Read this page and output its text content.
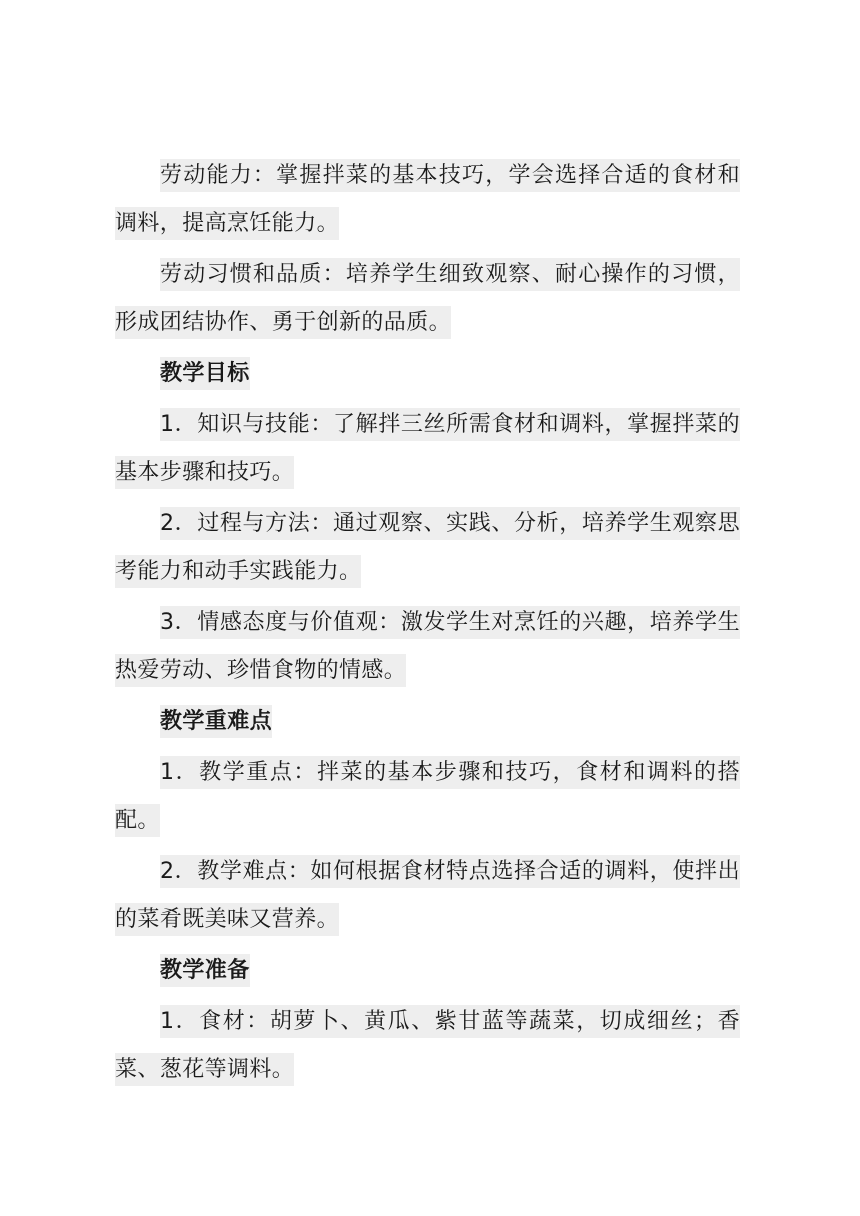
劳动能力：掌握拌菜的基本技巧，学会选择合适的食材和调料，提高烹饪能力。

劳动习惯和品质：培养学生细致观察、耐心操作的习惯，形成团结协作、勇于创新的品质。

教学目标

1．知识与技能：了解拌三丝所需食材和调料，掌握拌菜的基本步骤和技巧。

2．过程与方法：通过观察、实践、分析，培养学生观察思考能力和动手实践能力。

3．情感态度与价值观：激发学生对烹饪的兴趣，培养学生热爱劳动、珍惜食物的情感。

教学重难点

1．教学重点：拌菜的基本步骤和技巧，食材和调料的搭配。

2．教学难点：如何根据食材特点选择合适的调料，使拌出的菜肴既美味又营养。

教学准备

1．食材：胡萝卜、黄瓜、紫甘蓝等蔬菜，切成细丝；香菜、葱花等调料。
